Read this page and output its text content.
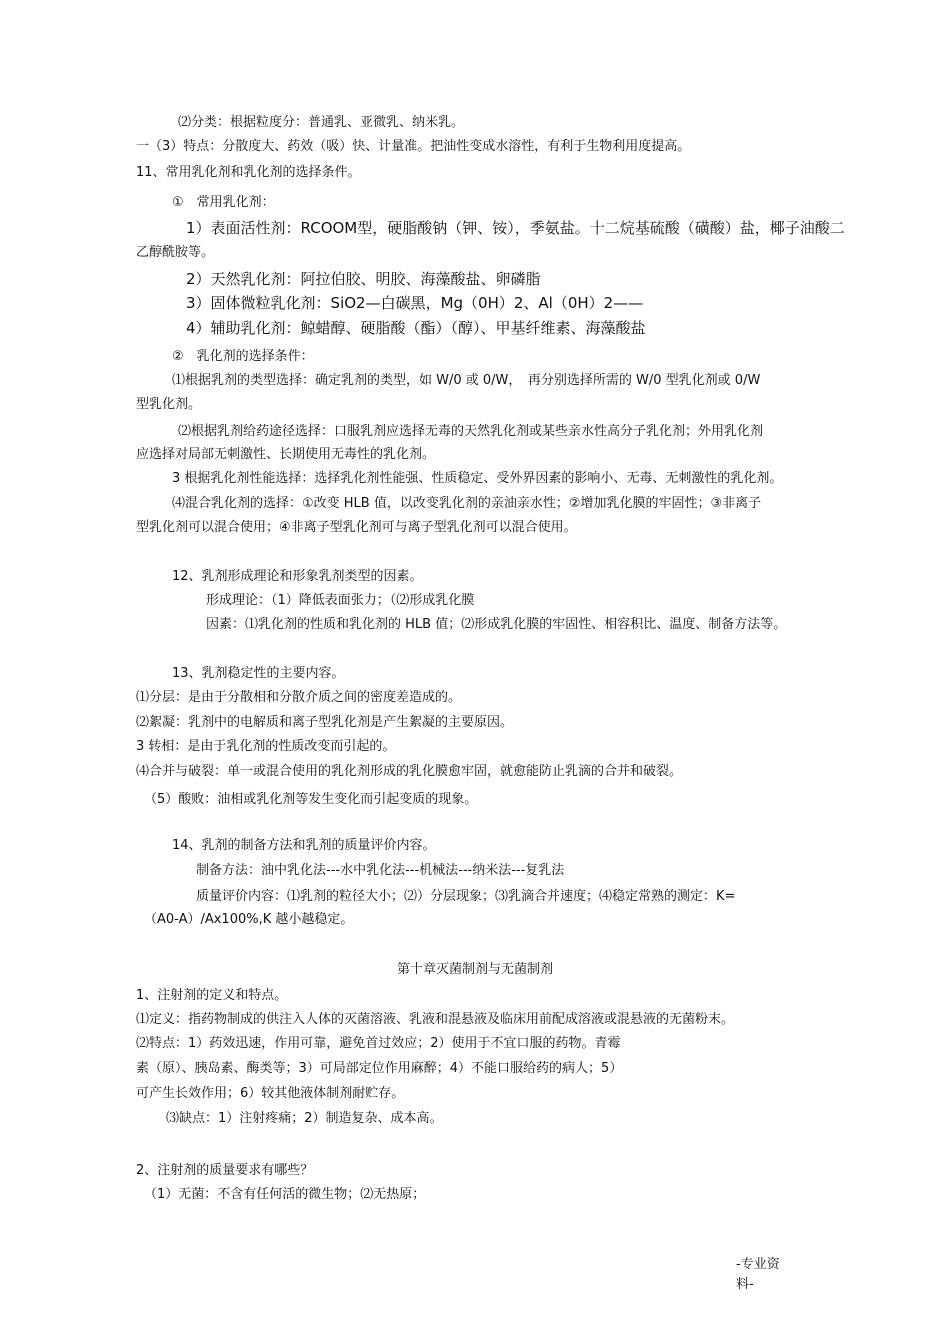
⑵分类：根据粒度分：普通乳、亚微乳、纳米乳。
⼀（3）特点：分散度大、药效（吸）快、计量准。把油性变成水溶性，有利于生物利用度提高。
11、常用乳化剂和乳化剂的选择条件。
①　常用乳化剂：
1）表面活性剂：RCOOM型，硬脂酸钠（钾、铵），季氨盐。十二烷基硫酸（磺酸）盐，椰子油酸二
乙醇酰胺等。
2）天然乳化剂：阿拉伯胶、明胶、海藻酸盐、卵磷脂
3）固体微粒乳化剂：SiO2—白碳黑，Mg（0H）2、Al（0H）2——
4）辅助乳化剂：鲸蜡醇、硬脂酸（酯）（醇）、甲基纤维素、海藻酸盐
②　乳化剂的选择条件：
⑴根据乳剂的类型选择：确定乳剂的类型，如 W/0 或 0/W，　再分别选择所需的 W/0 型乳化剂或 0/W
型乳化剂。
⑵根据乳剂给药途径选择：口服乳剂应选择无毒的天然乳化剂或某些亲水性高分子乳化剂；外用乳化剂
应选择对局部无刺激性、长期使用无毒性的乳化剂。
3 根据乳化剂性能选择：选择乳化剂性能强、性质稳定、受外界因素的影响小、无毒、无刺激性的乳化剂。
⑷混合乳化剂的选择：①改变 HLB 值，以改变乳化剂的亲油亲水性；②增加乳化膜的牢固性；③非离子
型乳化剂可以混合使用；④非离子型乳化剂可与离子型乳化剂可以混合使用。
12、乳剂形成理论和形象乳剂类型的因素。
形成理论：（1）降低表面张力；（⑵形成乳化膜
因素：⑴乳化剂的性质和乳化剂的 HLB 值；⑵形成乳化膜的牢固性、相容积比、温度、制备方法等。
13、乳剂稳定性的主要内容。
⑴分层：是由于分散相和分散介质之间的密度差造成的。
⑵絮凝：乳剂中的电解质和离子型乳化剂是产生絮凝的主要原因。
3 转相：是由于乳化剂的性质改变而引起的。
⑷合并与破裂：单一或混合使用的乳化剂形成的乳化膜愈牢固，就愈能防止乳滴的合并和破裂。
（5）酸败：油相或乳化剂等发生变化而引起变质的现象。
14、乳剂的制备方法和乳剂的质量评价内容。
制备方法：油中乳化法---水中乳化法---机械法---纳米法---复乳法
质量评价内容：⑴乳剂的粒径大小；⑵）分层现象；⑶乳滴合并速度；⑷稳定常熟的测定：K=
（A0-A）/Ax100%,K 越小越稳定。
第十章灭菌制剂与无菌制剂
1、注射剂的定义和特点。
⑴定义：指药物制成的供注入人体的灭菌溶液、乳液和混悬液及临床用前配成溶液或混悬液的无菌粉末。
⑵特点：1）药效迅速，作用可靠，避免首过效应；2）使用于不宜口服的药物。青霉
素（原）、胰岛素、酶类等；3）可局部定位作用麻醉；4）不能口服给药的病人；5）
可产生长效作用；6）较其他液体制剂耐贮存。
⑶缺点：1）注射疼痛；2）制造复杂、成本高。
2、注射剂的质量要求有哪些？
（1）无菌：不含有任何活的微生物；⑵无热原；
-专业资
料-
